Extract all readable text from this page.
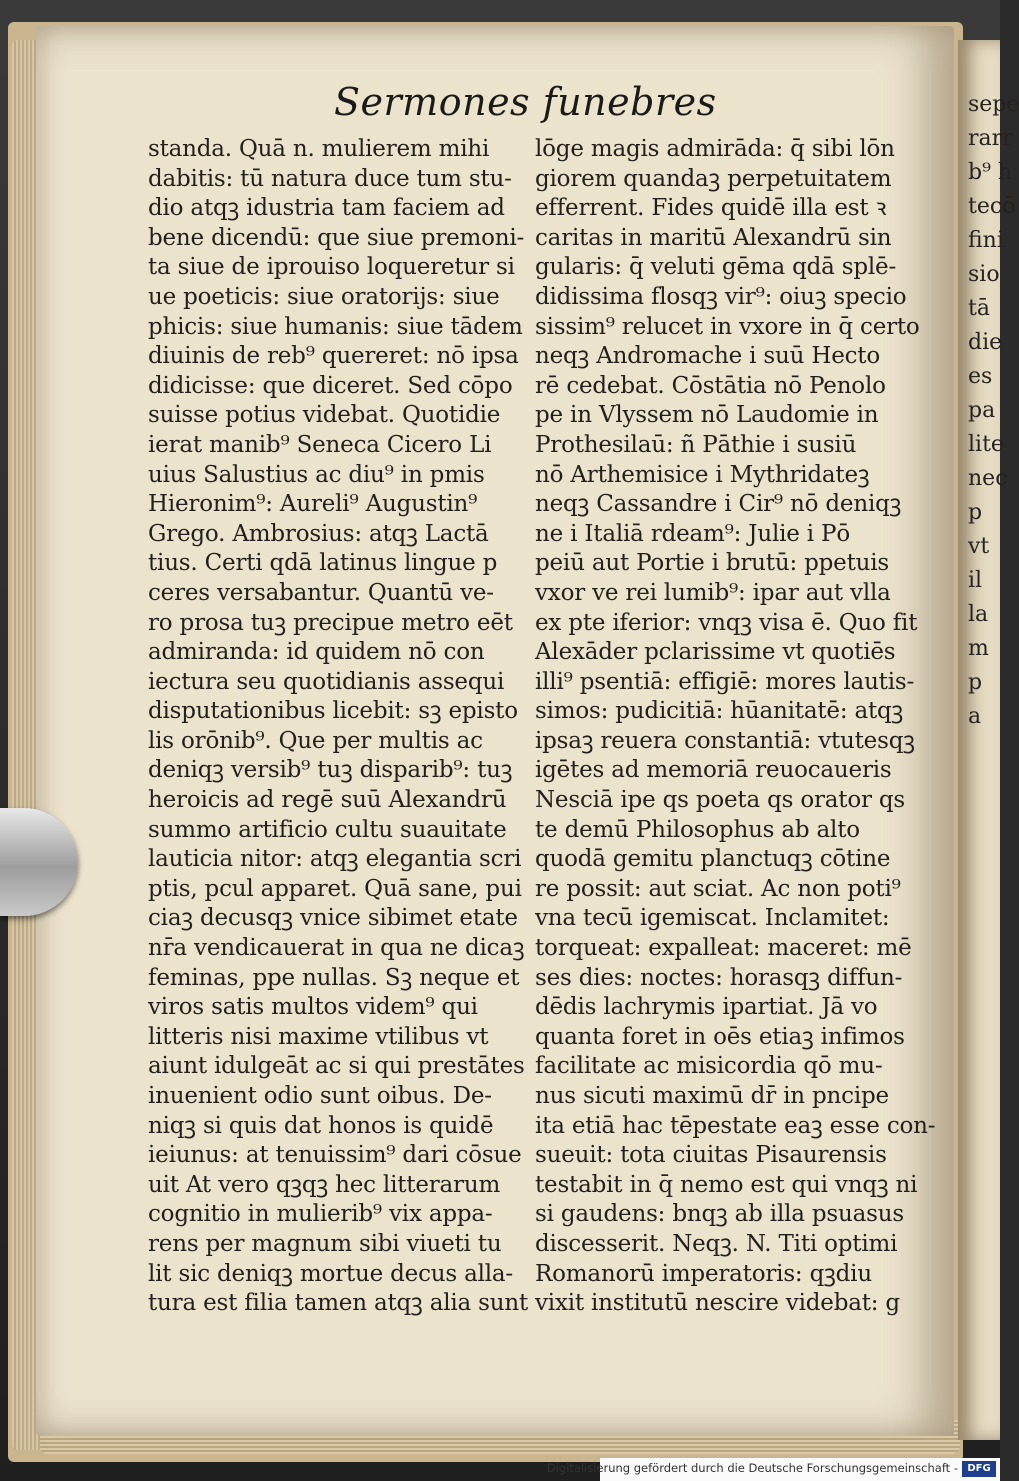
sepe
rarr
b⁹ h
tecō
fini
sio
tā
die
es
pa
lite
nec
p
vt
il
la
m
p
a
Sermones funebres
standa. Quā n. mulierem mihi
dabitis: tū natura duce tum stu-
dio atqꝫ idustria tam faciem ad
bene dicendū: que siue premoni-
ta siue de iprouiso loqueretur si
ue poeticis: siue oratorijs: siue
phicis: siue humanis: siue tādem
diuinis de reb⁹ quereret: nō ipsa
didicisse: que diceret. Sed cōpo
suisse potius videbat. Quotidie
ierat manib⁹ Seneca Cicero Li
uius Salustius ac diu⁹ in pmis
Hieronim⁹: Aureli⁹ Augustin⁹
Grego. Ambrosius: atqꝫ Lactā
tius. Certi qdā latinus lingue p
ceres versabantur. Quantū ve-
ro prosa tuꝫ precipue metro eēt
admiranda: id quidem nō con
iectura seu quotidianis assequi
disputationibus licebit: sꝫ episto
lis orōnib⁹. Que per multis ac
deniqꝫ versib⁹ tuꝫ disparib⁹: tuꝫ
heroicis ad regē suū Alexandrū
summo artificio cultu suauitate
lauticia nitor: atqꝫ elegantia scri
ptis, pcul apparet. Quā sane, pui
ciaꝫ decusqꝫ vnice sibimet etate
nr̄a vendicauerat in qua ne dicaꝫ
feminas, ppe nullas. Sꝫ neque et
viros satis multos videm⁹ qui
litteris nisi maxime vtilibus vt
aiunt idulgeāt ac si qui prestātes
inuenient odio sunt oibus. De-
niqꝫ si quis dat honos is quidē
ieiunus: at tenuissim⁹ dari cōsue
uit At vero qꝫqꝫ hec litterarum
cognitio in mulierib⁹ vix appa-
rens per magnum sibi viueti tu
lit sic deniqꝫ mortue decus alla-
tura est filia tamen atqꝫ alia sunt
lōge magis admirāda: q̄ sibi lōn
giorem quandaꝫ perpetuitatem
efferrent. Fides quidē illa est ꝛ
caritas in maritū Alexandrū sin
gularis: q̄ veluti gēma qdā splē-
didissima flosqꝫ vir⁹: oiuꝫ specio
sissim⁹ relucet in vxore in q̄ certo
neqꝫ Andromache i suū Hecto
rē cedebat. Cōstātia nō Penolo
pe in Vlyssem nō Laudomie in
Prothesilaū: ñ Pāthie i susiū
nō Arthemisice i Mythridateꝫ
neqꝫ Cassandre i Cir⁹ nō deniqꝫ
ne i Italiā rdeam⁹: Julie i Pō
peiū aut Portie i brutū: ppetuis
vxor ve rei lumib⁹: ipar aut vlla
ex pte iferior: vnqꝫ visa ē. Quo fit
Alexāder pclarissime vt quotiēs
illi⁹ psentiā: effigiē: mores lautis-
simos: pudicitiā: hūanitatē: atqꝫ
ipsaꝫ reuera constantiā: vtutesqꝫ
igētes ad memoriā reuocaueris
Nesciā ipe qs poeta qs orator qs
te demū Philosophus ab alto
quodā gemitu planctuqꝫ cōtine
re possit: aut sciat. Ac non poti⁹
vna tecū igemiscat. Inclamitet:
torqueat: expalleat: maceret: mē
ses dies: noctes: horasqꝫ diffun-
dēdis lachrymis ipartiat. Jā vo
quanta foret in oēs etiaꝫ infimos
facilitate ac misicordia qō mu-
nus sicuti maximū dr̄ in pncipe
ita etiā hac tēpestate eaꝫ esse con-
sueuit: tota ciuitas Pisaurensis
testabit in q̄ nemo est qui vnqꝫ ni
si gaudens: bnqꝫ ab illa psuasus
discesserit. Neqꝫ. N. Titi optimi
Romanorū imperatoris: qꝫdiu
vixit institutū nescire videbat: g
Digitalisierung gefördert durch die Deutsche Forschungsgemeinschaft - DFG
